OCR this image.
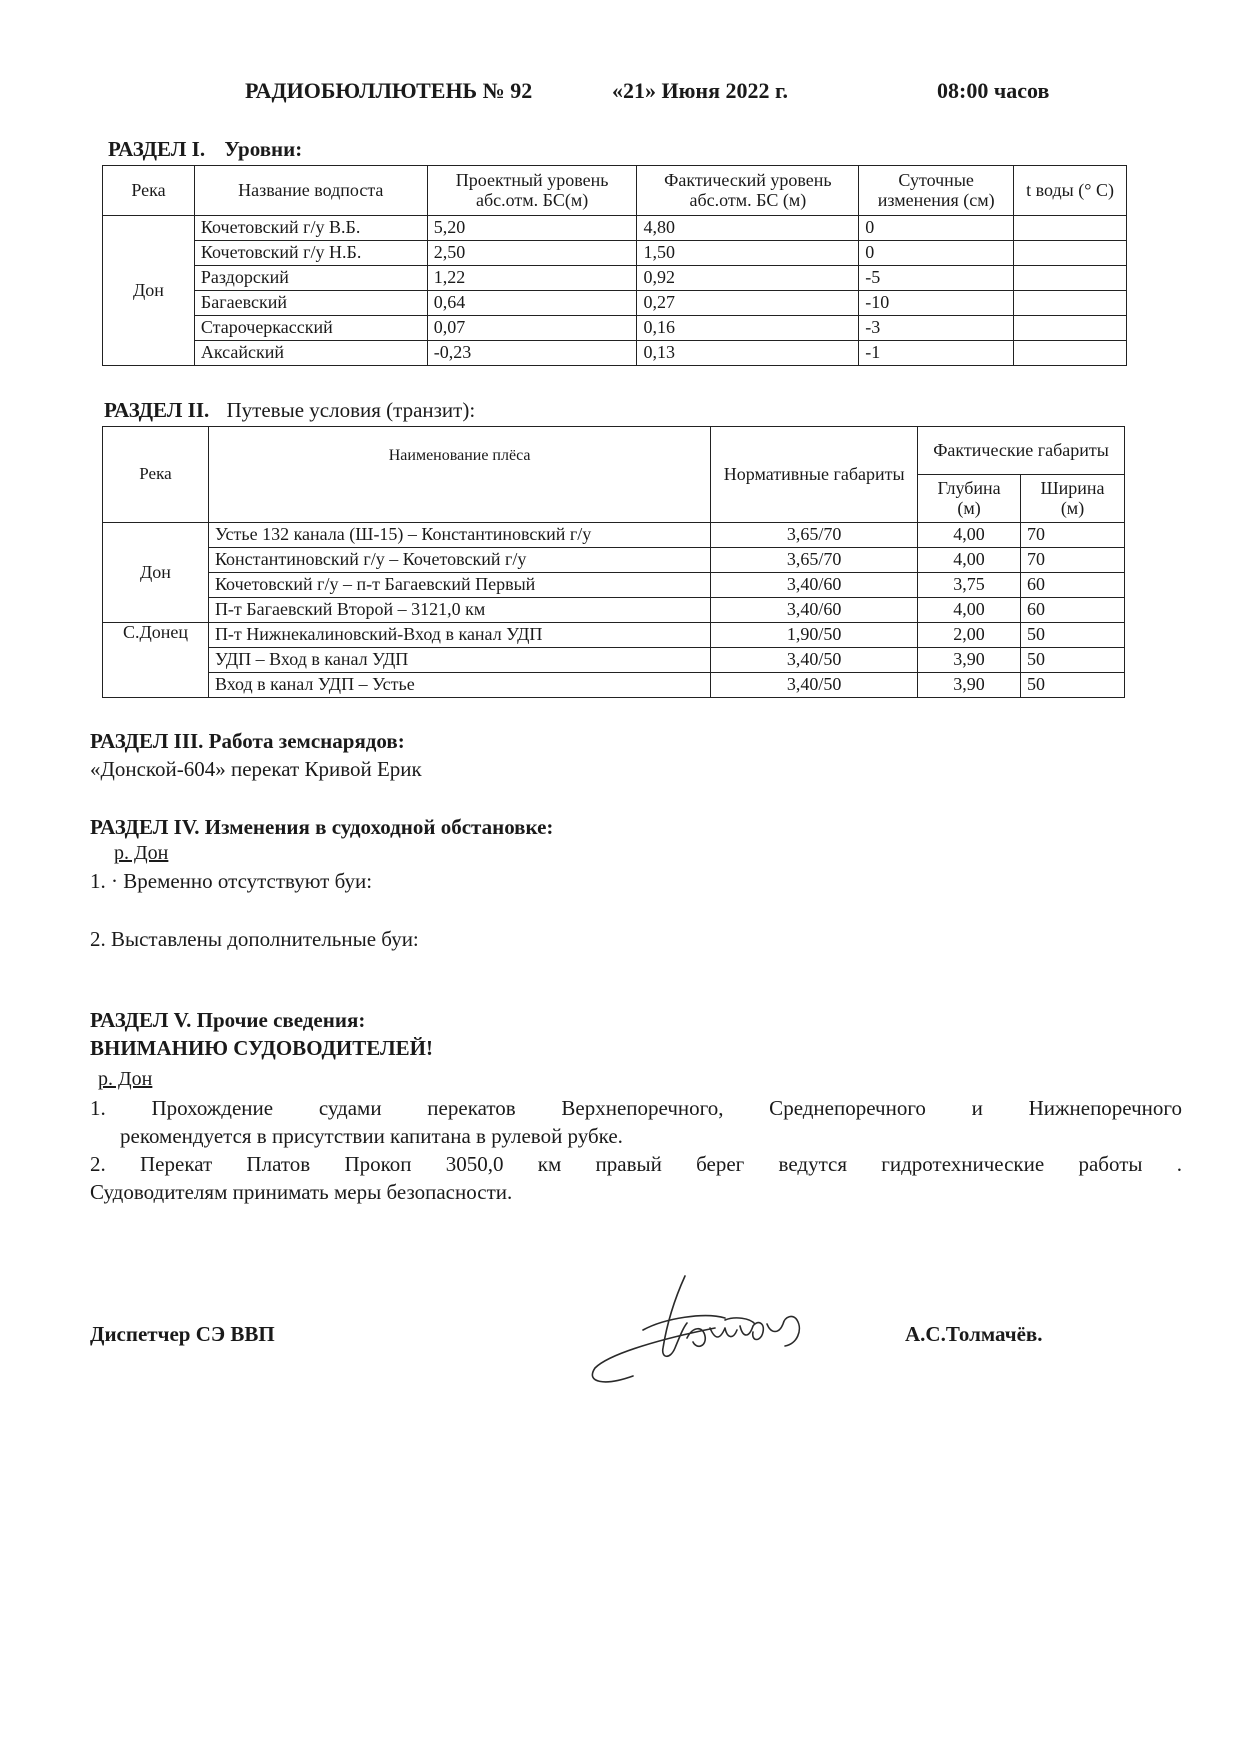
РАДИОБЮЛЛЮТЕНЬ № 92	«21» Июня 2022 г.	08:00 часов
РАЗДЕЛ I. Уровни:
Река	Название водпоста	Проектный уровень абс.отм. БС(м)	Фактический уровень абс.отм. БС (м)	Суточные изменения (см)	t воды (° C)
Дон	Кочетовский г/у В.Б.	5,20	4,80	0	
	Кочетовский г/у Н.Б.	2,50	1,50	0	
	Раздорский	1,22	0,92	-5	
	Багаевский	0,64	0,27	-10	
	Старочеркасский	0,07	0,16	-3	
	Аксайский	-0,23	0,13	-1	
РАЗДЕЛ II. Путевые условия (транзит):
Река	Наименование плёса	Нормативные габариты	Фактические габариты	
			Глубина (м)	Ширина (м)
Дон	Устье 132 канала (Ш-15) – Константиновский г/у	3,65/70	4,00	70
	Константиновский г/у – Кочетовский г/у	3,65/70	4,00	70
	Кочетовский г/у – п-т Багаевский Первый	3,40/60	3,75	60
	П-т Багаевский Второй – 3121,0 км	3,40/60	4,00	60
С.Донец	П-т Нижнекалиновский-Вход в канал УДП	1,90/50	2,00	50
	УДП – Вход в канал УДП	3,40/50	3,90	50
	Вход в канал УДП – Устье	3,40/50	3,90	50
РАЗДЕЛ III. Работа земснарядов:
«Донской-604» перекат Кривой Ерик
РАЗДЕЛ IV. Изменения в судоходной обстановке:
р. Дон
1. · Временно отсутствуют буи:
2. Выставлены дополнительные буи:
РАЗДЕЛ V. Прочие сведения:
ВНИМАНИЮ СУДОВОДИТЕЛЕЙ!
р. Дон
1. Прохождение судами перекатов Верхнепоречного, Среднепоречного и Нижнепоречного
рекомендуется в присутствии капитана в рулевой рубке.
2. Перекат Платов Прокоп 3050,0 км правый берег ведутся гидротехнические работы .
Судоводителям принимать меры безопасности.
Диспетчер СЭ ВВП	А.С.Толмачёв.
